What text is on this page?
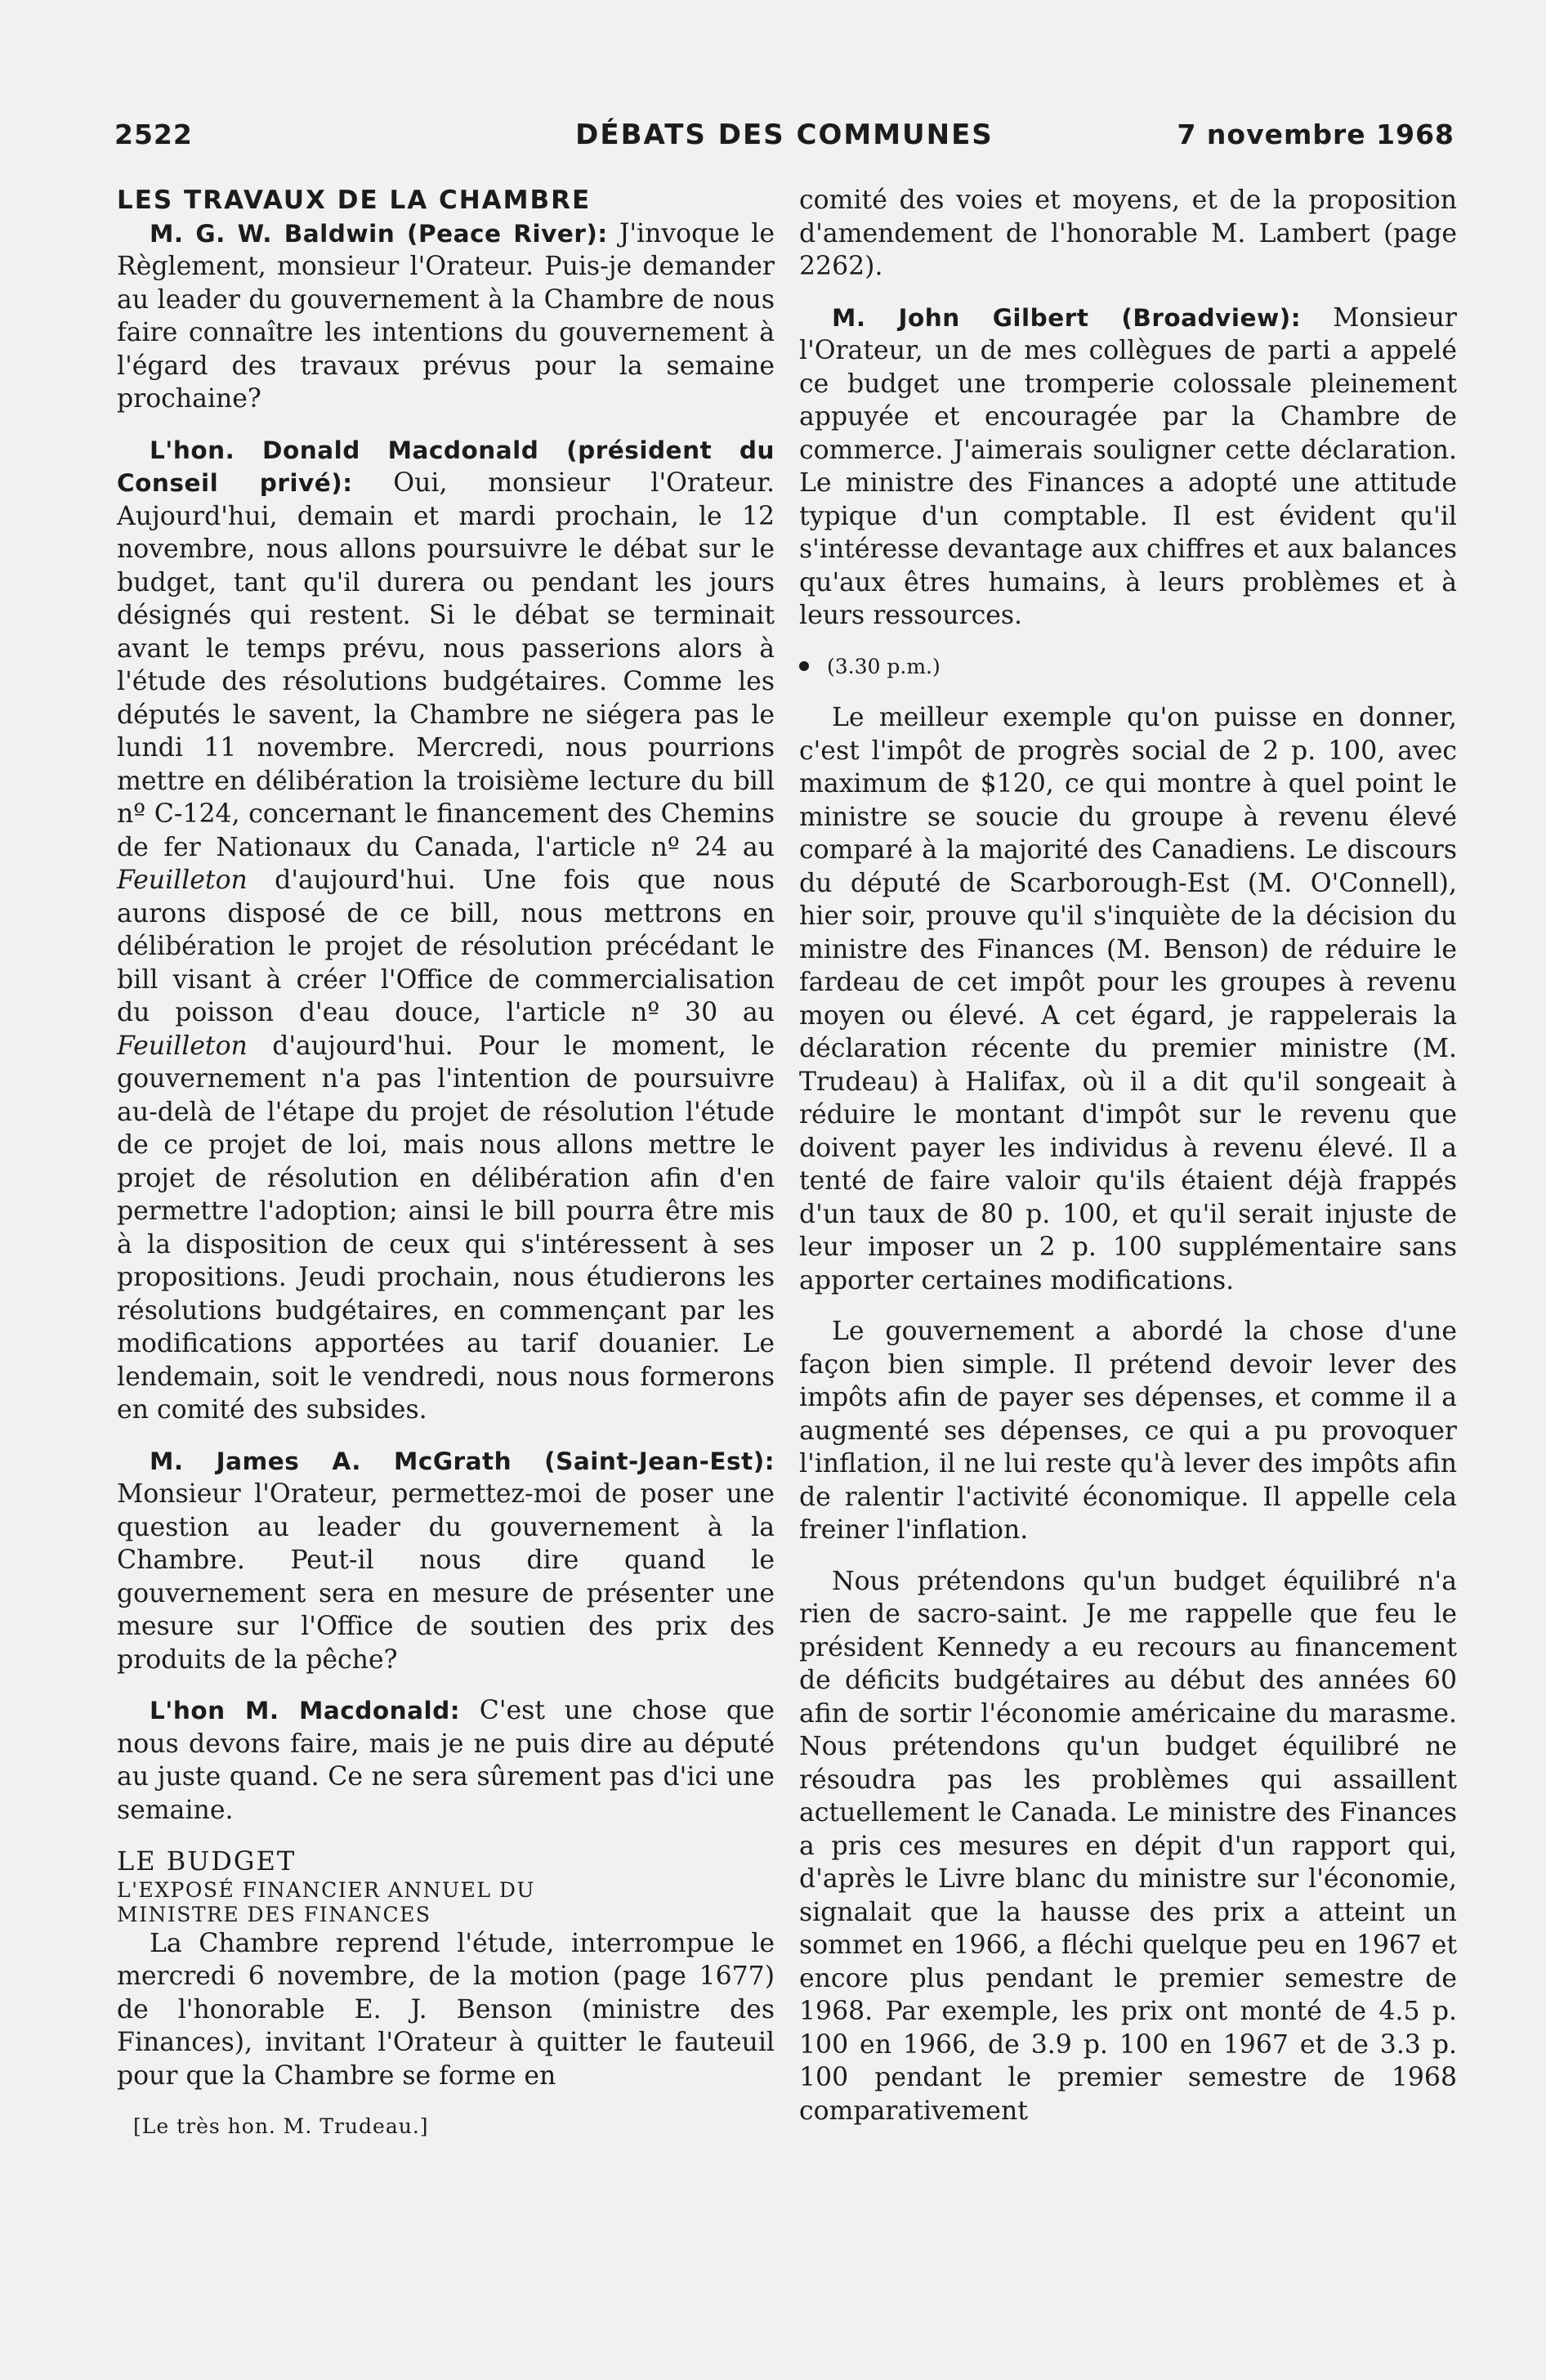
2522	DÉBATS DES COMMUNES	7 novembre 1968

LES TRAVAUX DE LA CHAMBRE

M. G. W. Baldwin (Peace River): J'invoque le Règlement, monsieur l'Orateur. Puis-je demander au leader du gouvernement à la Chambre de nous faire connaître les intentions du gouvernement à l'égard des travaux prévus pour la semaine prochaine?

L'hon. Donald Macdonald (président du Conseil privé): Oui, monsieur l'Orateur. Aujourd'hui, demain et mardi prochain, le 12 novembre, nous allons poursuivre le débat sur le budget, tant qu'il durera ou pendant les jours désignés qui restent. Si le débat se terminait avant le temps prévu, nous passerions alors à l'étude des résolutions budgétaires. Comme les députés le savent, la Chambre ne siégera pas le lundi 11 novembre. Mercredi, nous pourrions mettre en délibération la troisième lecture du bill nº C-124, concernant le financement des Chemins de fer Nationaux du Canada, l'article nº 24 au Feuilleton d'aujourd'hui. Une fois que nous aurons disposé de ce bill, nous mettrons en délibération le projet de résolution précédant le bill visant à créer l'Office de commercialisation du poisson d'eau douce, l'article nº 30 au Feuilleton d'aujourd'hui. Pour le moment, le gouvernement n'a pas l'intention de poursuivre au-delà de l'étape du projet de résolution l'étude de ce projet de loi, mais nous allons mettre le projet de résolution en délibération afin d'en permettre l'adoption; ainsi le bill pourra être mis à la disposition de ceux qui s'intéressent à ses propositions. Jeudi prochain, nous étudierons les résolutions budgétaires, en commençant par les modifications apportées au tarif douanier. Le lendemain, soit le vendredi, nous nous formerons en comité des subsides.

M. James A. McGrath (Saint-Jean-Est): Monsieur l'Orateur, permettez-moi de poser une question au leader du gouvernement à la Chambre. Peut-il nous dire quand le gouvernement sera en mesure de présenter une mesure sur l'Office de soutien des prix des produits de la pêche?

L'hon M. Macdonald: C'est une chose que nous devons faire, mais je ne puis dire au député au juste quand. Ce ne sera sûrement pas d'ici une semaine.

LE BUDGET

L'EXPOSÉ FINANCIER ANNUEL DU
MINISTRE DES FINANCES

La Chambre reprend l'étude, interrompue le mercredi 6 novembre, de la motion (page 1677) de l'honorable E. J. Benson (ministre des Finances), invitant l'Orateur à quitter le fauteuil pour que la Chambre se forme en

[Le très hon. M. Trudeau.]

comité des voies et moyens, et de la proposition d'amendement de l'honorable M. Lambert (page 2262).

M. John Gilbert (Broadview): Monsieur l'Orateur, un de mes collègues de parti a appelé ce budget une tromperie colossale pleinement appuyée et encouragée par la Chambre de commerce. J'aimerais souligner cette déclaration. Le ministre des Finances a adopté une attitude typique d'un comptable. Il est évident qu'il s'intéresse devantage aux chiffres et aux balances qu'aux êtres humains, à leurs problèmes et à leurs ressources.

(3.30 p.m.)

Le meilleur exemple qu'on puisse en donner, c'est l'impôt de progrès social de 2 p. 100, avec maximum de $120, ce qui montre à quel point le ministre se soucie du groupe à revenu élevé comparé à la majorité des Canadiens. Le discours du député de Scarborough-Est (M. O'Connell), hier soir, prouve qu'il s'inquiète de la décision du ministre des Finances (M. Benson) de réduire le fardeau de cet impôt pour les groupes à revenu moyen ou élevé. A cet égard, je rappelerais la déclaration récente du premier ministre (M. Trudeau) à Halifax, où il a dit qu'il songeait à réduire le montant d'impôt sur le revenu que doivent payer les individus à revenu élevé. Il a tenté de faire valoir qu'ils étaient déjà frappés d'un taux de 80 p. 100, et qu'il serait injuste de leur imposer un 2 p. 100 supplémentaire sans apporter certaines modifications.

Le gouvernement a abordé la chose d'une façon bien simple. Il prétend devoir lever des impôts afin de payer ses dépenses, et comme il a augmenté ses dépenses, ce qui a pu provoquer l'inflation, il ne lui reste qu'à lever des impôts afin de ralentir l'activité économique. Il appelle cela freiner l'inflation.

Nous prétendons qu'un budget équilibré n'a rien de sacro-saint. Je me rappelle que feu le président Kennedy a eu recours au financement de déficits budgétaires au début des années 60 afin de sortir l'économie américaine du marasme. Nous prétendons qu'un budget équilibré ne résoudra pas les problèmes qui assaillent actuellement le Canada. Le ministre des Finances a pris ces mesures en dépit d'un rapport qui, d'après le Livre blanc du ministre sur l'économie, signalait que la hausse des prix a atteint un sommet en 1966, a fléchi quelque peu en 1967 et encore plus pendant le premier semestre de 1968. Par exemple, les prix ont monté de 4.5 p. 100 en 1966, de 3.9 p. 100 en 1967 et de 3.3 p. 100 pendant le premier semestre de 1968 comparativement
